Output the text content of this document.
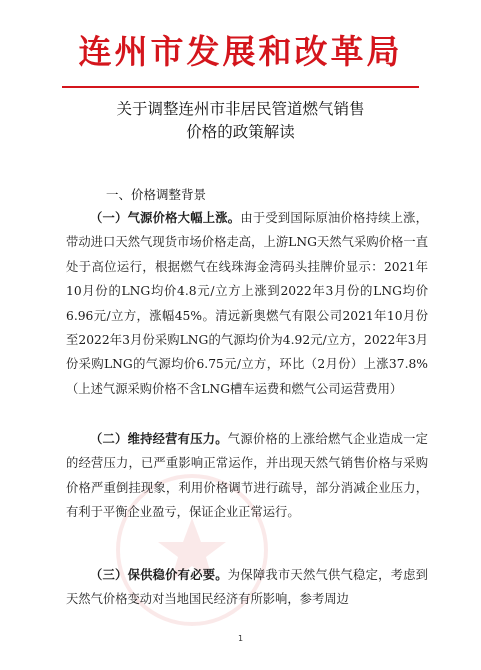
连州市发展和改革局
关于调整连州市非居民管道燃气销售
价格的政策解读
一、价格调整背景
（一）气源价格大幅上涨。由于受到国际原油价格持续上涨，带动进口天然气现货市场价格走高，上游LNG天然气采购价格一直处于高位运行，根据燃气在线珠海金湾码头挂牌价显示：2021年10月份的LNG均价4.8元/立方上涨到2022年3月份的LNG均价6.96元/立方，涨幅45%。清远新奥燃气有限公司2021年10月份至2022年3月份采购LNG的气源均价为4.92元/立方，2022年3月份采购LNG的气源均价6.75元/立方，环比（2月份）上涨37.8%（上述气源采购价格不含LNG槽车运费和燃气公司运营费用）
（二）维持经营有压力。气源价格的上涨给燃气企业造成一定的经营压力，已严重影响正常运作，并出现天然气销售价格与采购价格严重倒挂现象，利用价格调节进行疏导，部分消减企业压力，有利于平衡企业盈亏，保证企业正常运行。
（三）保供稳价有必要。为保障我市天然气供气稳定，考虑到天然气价格变动对当地国民经济有所影响，参考周边
1
